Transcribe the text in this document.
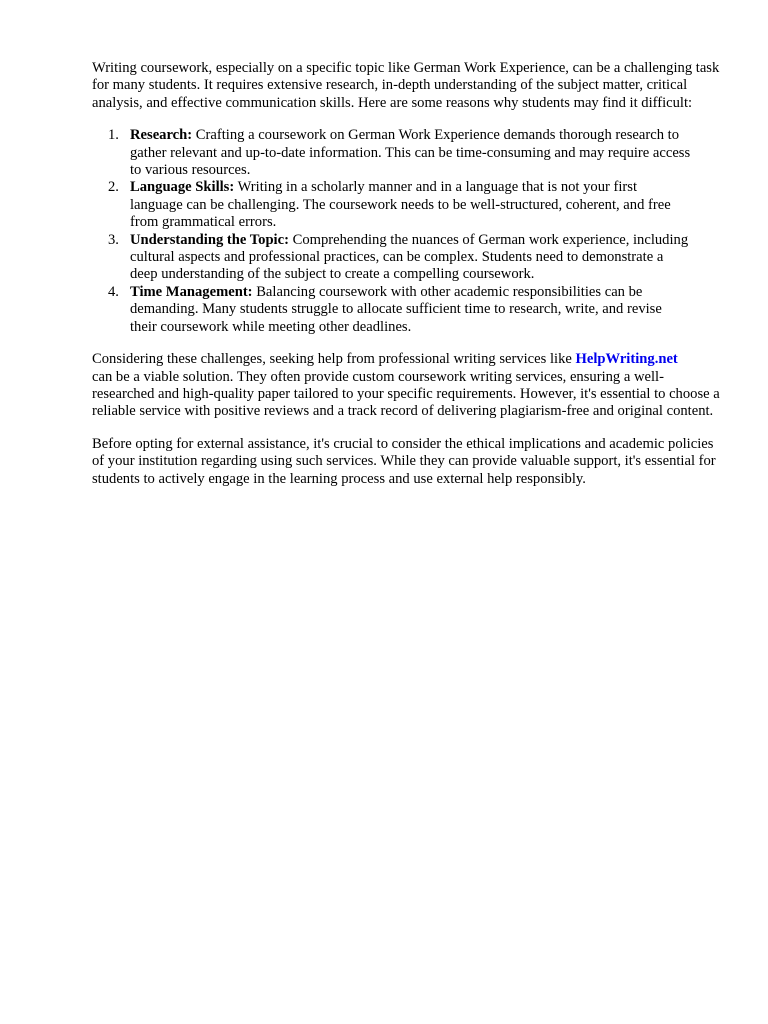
Writing coursework, especially on a specific topic like German Work Experience, can be a challenging task for many students. It requires extensive research, in-depth understanding of the subject matter, critical analysis, and effective communication skills. Here are some reasons why students may find it difficult:

1. Research: Crafting a coursework on German Work Experience demands thorough research to gather relevant and up-to-date information. This can be time-consuming and may require access to various resources.
2. Language Skills: Writing in a scholarly manner and in a language that is not your first language can be challenging. The coursework needs to be well-structured, coherent, and free from grammatical errors.
3. Understanding the Topic: Comprehending the nuances of German work experience, including cultural aspects and professional practices, can be complex. Students need to demonstrate a deep understanding of the subject to create a compelling coursework.
4. Time Management: Balancing coursework with other academic responsibilities can be demanding. Many students struggle to allocate sufficient time to research, write, and revise their coursework while meeting other deadlines.

Considering these challenges, seeking help from professional writing services like HelpWriting.net can be a viable solution. They often provide custom coursework writing services, ensuring a well-researched and high-quality paper tailored to your specific requirements. However, it's essential to choose a reliable service with positive reviews and a track record of delivering plagiarism-free and original content.

Before opting for external assistance, it's crucial to consider the ethical implications and academic policies of your institution regarding using such services. While they can provide valuable support, it's essential for students to actively engage in the learning process and use external help responsibly.
